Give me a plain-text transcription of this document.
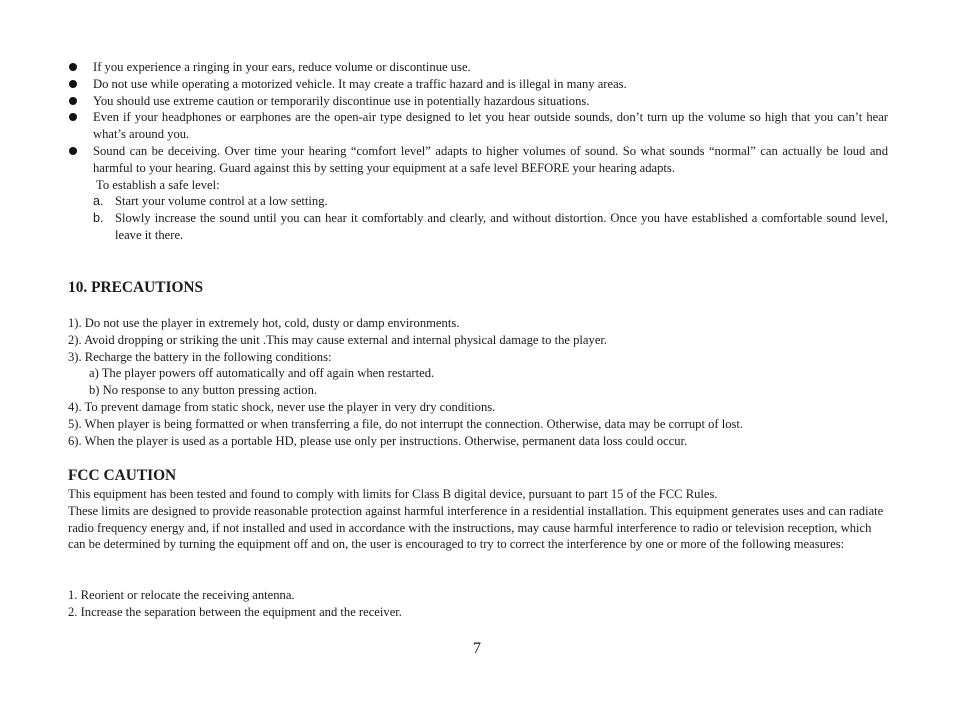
If you experience a ringing in your ears, reduce volume or discontinue use.
Do not use while operating a motorized vehicle. It may create a traffic hazard and is illegal in many areas.
You should use extreme caution or temporarily discontinue use in potentially hazardous situations.
Even if your headphones or earphones are the open-air type designed to let you hear outside sounds, don’t turn up the volume so high that you can’t hear what’s around you.
Sound can be deceiving. Over time your hearing “comfort level” adapts to higher volumes of sound. So what sounds “normal” can actually be loud and harmful to your hearing. Guard against this by setting your equipment at a safe level BEFORE your hearing adapts.
To establish a safe level:
a. Start your volume control at a low setting.
b. Slowly increase the sound until you can hear it comfortably and clearly, and without distortion. Once you have established a comfortable sound level, leave it there.
10. PRECAUTIONS
1). Do not use the player in extremely hot, cold, dusty or damp environments.
2). Avoid dropping or striking the unit .This may cause external and internal physical damage to the player.
3). Recharge the battery in the following conditions:
a) The player powers off automatically and off again when restarted.
b) No response to any button pressing action.
4). To prevent damage from static shock, never use the player in very dry conditions.
5). When player is being formatted or when transferring a file, do not interrupt the connection. Otherwise, data may be corrupt of lost.
6). When the player is used as a portable HD, please use only per instructions. Otherwise, permanent data loss could occur.
FCC CAUTION
This equipment has been tested and found to comply with limits for Class B digital device, pursuant to part 15 of the FCC Rules.
These limits are designed to provide reasonable protection against harmful interference in a residential installation. This equipment generates uses and can radiate radio frequency energy and, if not installed and used in accordance with the instructions, may cause harmful interference to radio or television reception, which can be determined by turning the equipment off and on, the user is encouraged to try to correct the interference by one or more of the following measures:
1. Reorient or relocate the receiving antenna.
2. Increase the separation between the equipment and the receiver.
7
